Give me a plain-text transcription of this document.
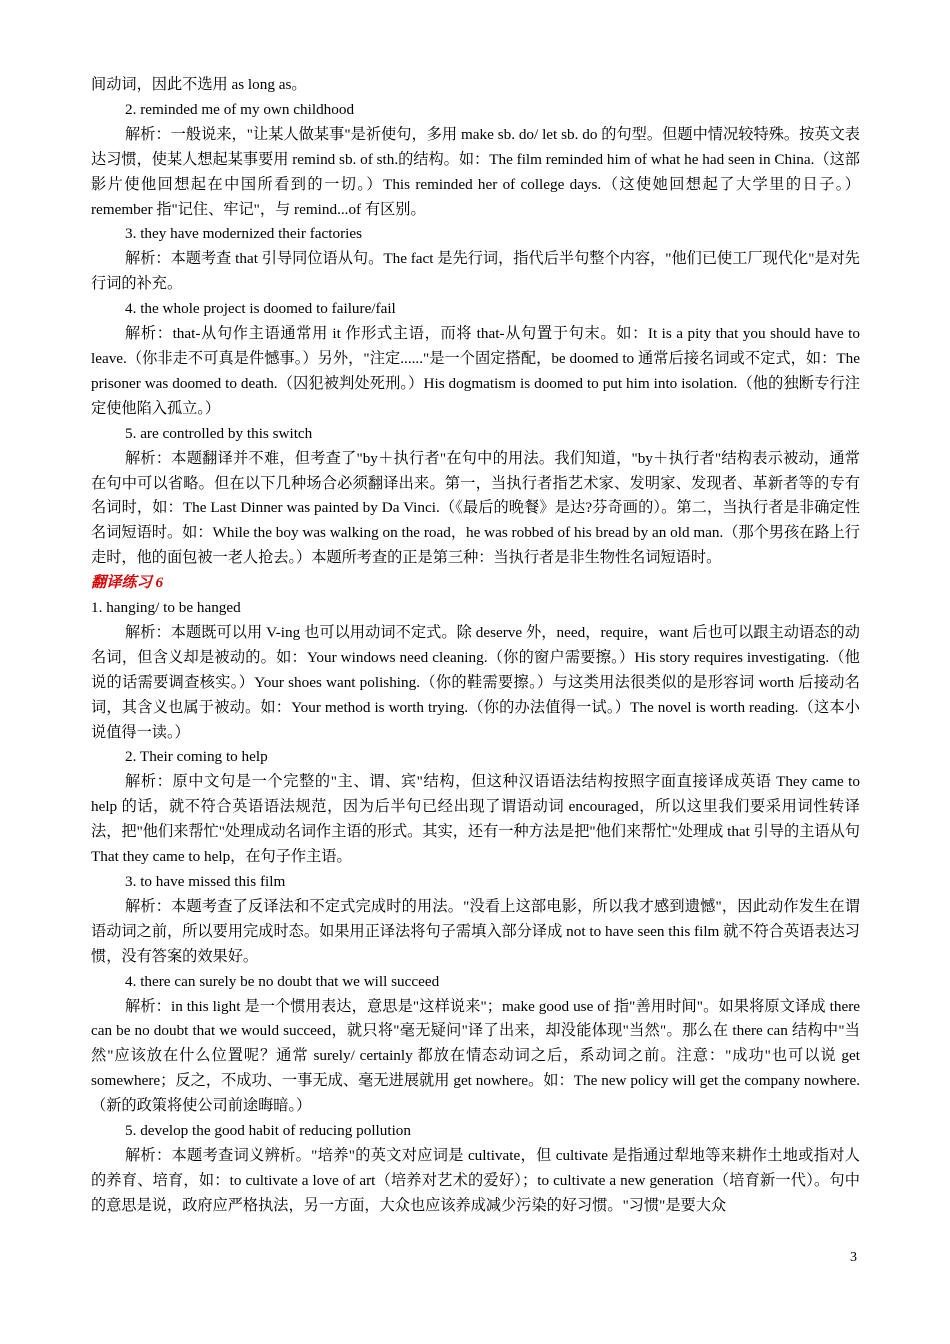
间动词，因此不选用 as long as。

2. reminded me of my own childhood

解析：一般说来，"让某人做某事"是祈使句，多用 make sb. do/ let sb. do 的句型。但题中情况较特殊。按英文表达习惯，使某人想起某事要用 remind sb. of sth.的结构。如：The film reminded him of what he had seen in China.（这部影片使他回想起在中国所看到的一切。）This reminded her of college days.（这使她回想起了大学里的日子。）remember 指"记住、牢记"，与 remind...of 有区别。

3. they have modernized their factories

解析：本题考查 that 引导同位语从句。The fact 是先行词，指代后半句整个内容，"他们已使工厂现代化"是对先行词的补充。

4. the whole project is doomed to failure/fail

解析：that-从句作主语通常用 it 作形式主语，而将 that-从句置于句末。如：It is a pity that you should have to leave.（你非走不可真是件憾事。）另外，"注定......"是一个固定搭配，be doomed to 通常后接名词或不定式，如：The prisoner was doomed to death.（囚犯被判处死刑。）His dogmatism is doomed to put him into isolation.（他的独断专行注定使他陷入孤立。）

5. are controlled by this switch

解析：本题翻译并不难，但考查了"by＋执行者"在句中的用法。我们知道，"by＋执行者"结构表示被动，通常在句中可以省略。但在以下几种场合必须翻译出来。第一，当执行者指艺术家、发明家、发现者、革新者等的专有名词时，如：The Last Dinner was painted by Da Vinci.（《最后的晚餐》是达?芬奇画的）。第二，当执行者是非确定性名词短语时。如：While the boy was walking on the road，he was robbed of his bread by an old man.（那个男孩在路上行走时，他的面包被一老人抢去。）本题所考查的正是第三种：当执行者是非生物性名词短语时。

翻译练习 6

1. hanging/ to be hanged

解析：本题既可以用 V-ing 也可以用动词不定式。除 deserve 外，need，require，want 后也可以跟主动语态的动名词，但含义却是被动的。如：Your windows need cleaning.（你的窗户需要擦。）His story requires investigating.（他说的话需要调查核实。）Your shoes want polishing.（你的鞋需要擦。）与这类用法很类似的是形容词 worth 后接动名词，其含义也属于被动。如：Your method is worth trying.（你的办法值得一试。）The novel is worth reading.（这本小说值得一读。）

2. Their coming to help

解析：原中文句是一个完整的"主、谓、宾"结构，但这种汉语语法结构按照字面直接译成英语 They came to help 的话，就不符合英语语法规范，因为后半句已经出现了谓语动词 encouraged，所以这里我们要采用词性转译法，把"他们来帮忙"处理成动名词作主语的形式。其实，还有一种方法是把"他们来帮忙"处理成 that 引导的主语从句 That they came to help，在句子作主语。

3. to have missed this film

解析：本题考查了反译法和不定式完成时的用法。"没看上这部电影，所以我才感到遗憾"，因此动作发生在谓语动词之前，所以要用完成时态。如果用正译法将句子需填入部分译成 not to have seen this film 就不符合英语表达习惯，没有答案的效果好。

4. there can surely be no doubt that we will succeed

解析：in this light 是一个惯用表达，意思是"这样说来"；make good use of 指"善用时间"。如果将原文译成 there can be no doubt that we would succeed，就只将"毫无疑问"译了出来，却没能体现"当然"。那么在 there can 结构中"当然"应该放在什么位置呢？通常 surely/ certainly 都放在情态动词之后，系动词之前。注意："成功"也可以说 get somewhere；反之，不成功、一事无成、毫无进展就用 get nowhere。如：The new policy will get the company nowhere.（新的政策将使公司前途晦暗。）

5. develop the good habit of reducing pollution

解析：本题考查词义辨析。"培养"的英文对应词是 cultivate，但 cultivate 是指通过犁地等来耕作土地或指对人的养育、培育，如：to cultivate a love of art（培养对艺术的爱好）；to cultivate a new generation（培育新一代）。句中的意思是说，政府应严格执法，另一方面，大众也应该养成减少污染的好习惯。"习惯"是要大众

3
